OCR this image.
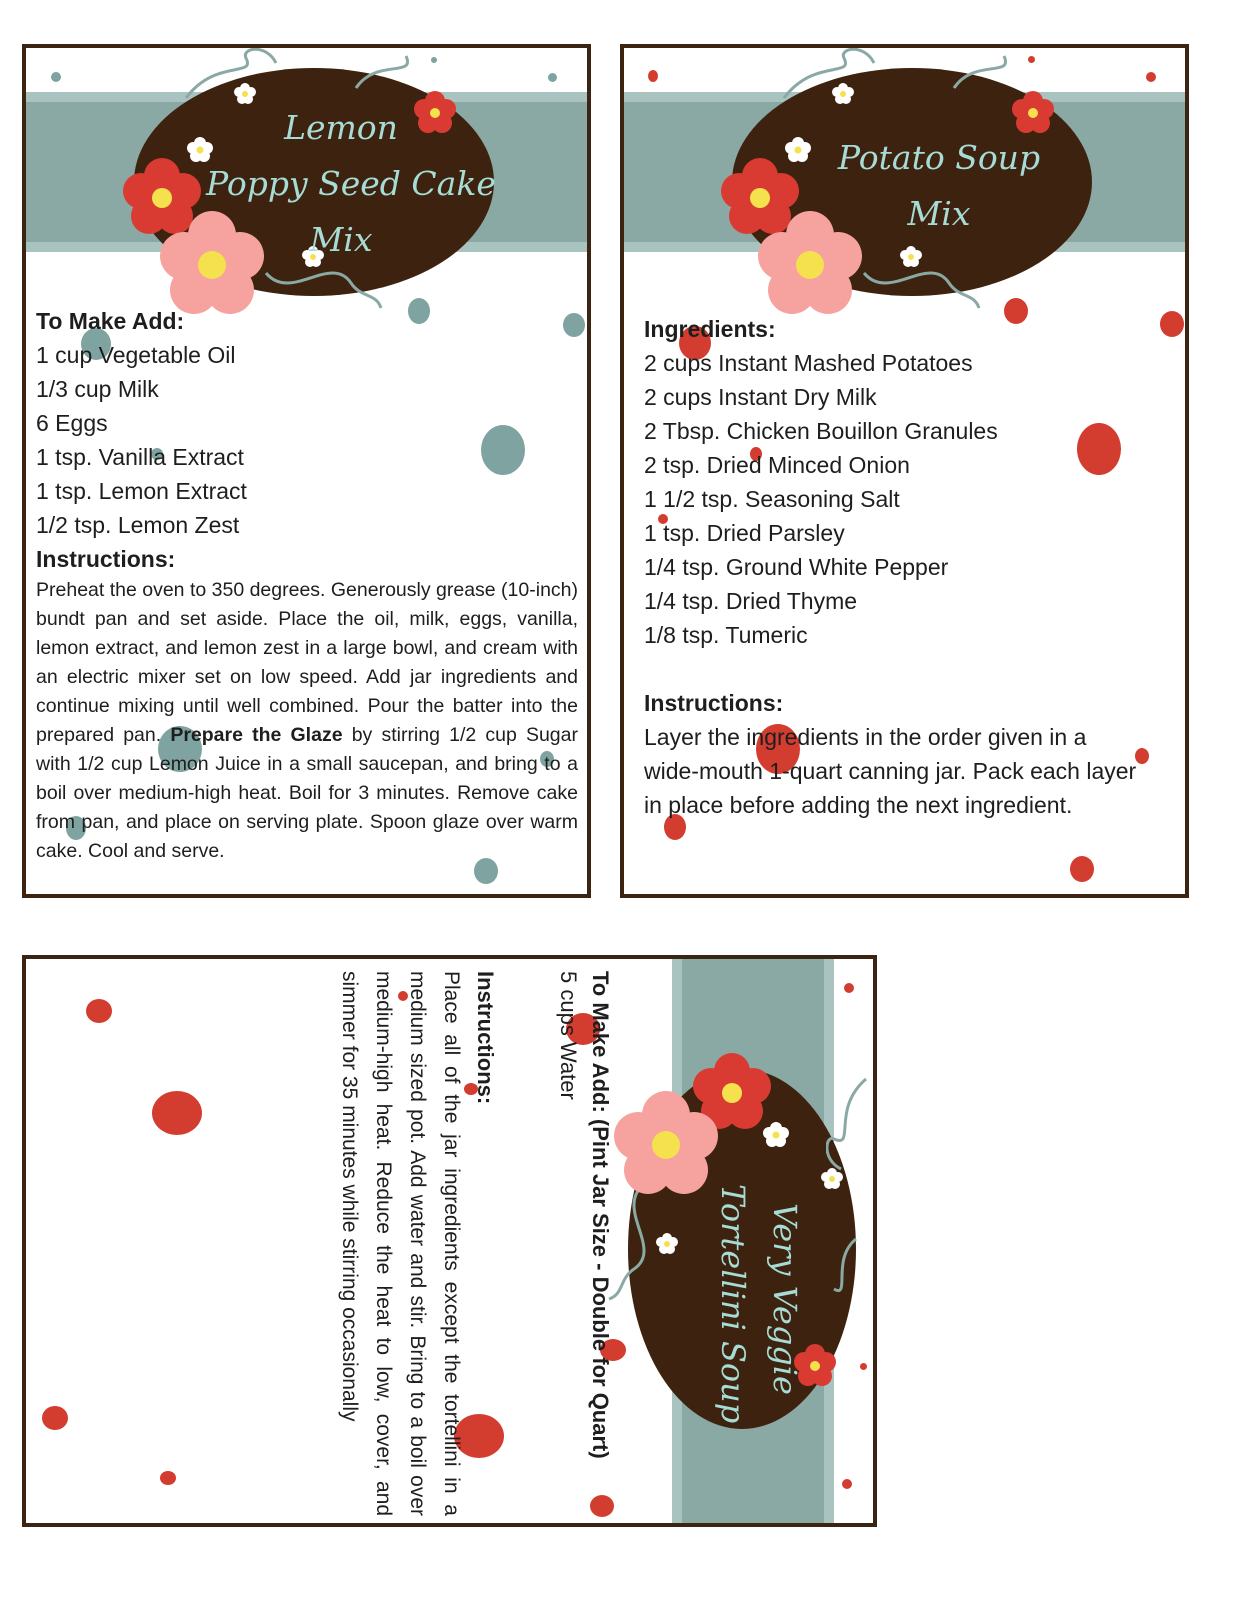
Lemon
Poppy Seed Cake
Mix
To Make Add:
1 cup Vegetable Oil
1/3 cup Milk
6 Eggs
1 tsp. Vanilla Extract
1 tsp. Lemon Extract
1/2 tsp. Lemon Zest
Instructions:
Preheat the oven to 350 degrees. Generously grease (10-inch) bundt pan and set aside. Place the oil, milk, eggs, vanilla, lemon extract, and lemon zest in a large bowl, and cream with an electric mixer set on low speed. Add jar ingredients and continue mixing until well combined. Pour the batter into the prepared pan. Prepare the Glaze by stirring 1/2 cup Sugar with 1/2 cup Lemon Juice in a small saucepan, and bring to a boil over medium-high heat. Boil for 3 minutes. Remove cake from pan, and place on serving plate. Spoon glaze over warm cake. Cool and serve.
Potato Soup
Mix
Ingredients:
2 cups Instant Mashed Potatoes
2 cups Instant Dry Milk
2 Tbsp. Chicken Bouillon Granules
2 tsp. Dried Minced Onion
1 1/2 tsp. Seasoning Salt
1 tsp. Dried Parsley
1/4 tsp. Ground White Pepper
1/4 tsp. Dried Thyme
1/8 tsp. Tumeric
Instructions:
Layer the ingredients in the order given in a wide-mouth 1-quart canning jar. Pack each layer in place before adding the next ingredient.
Very Veggie
Tortellini Soup
To Make Add: (Pint Jar Size - Double for Quart)
5 cups Water
Instructions:
Place all of the jar ingredients except the tortellini in a medium sized pot. Add water and stir. Bring to a boil over medium-high heat. Reduce the heat to low, cover, and simmer for 35 minutes while stirring occasionally
